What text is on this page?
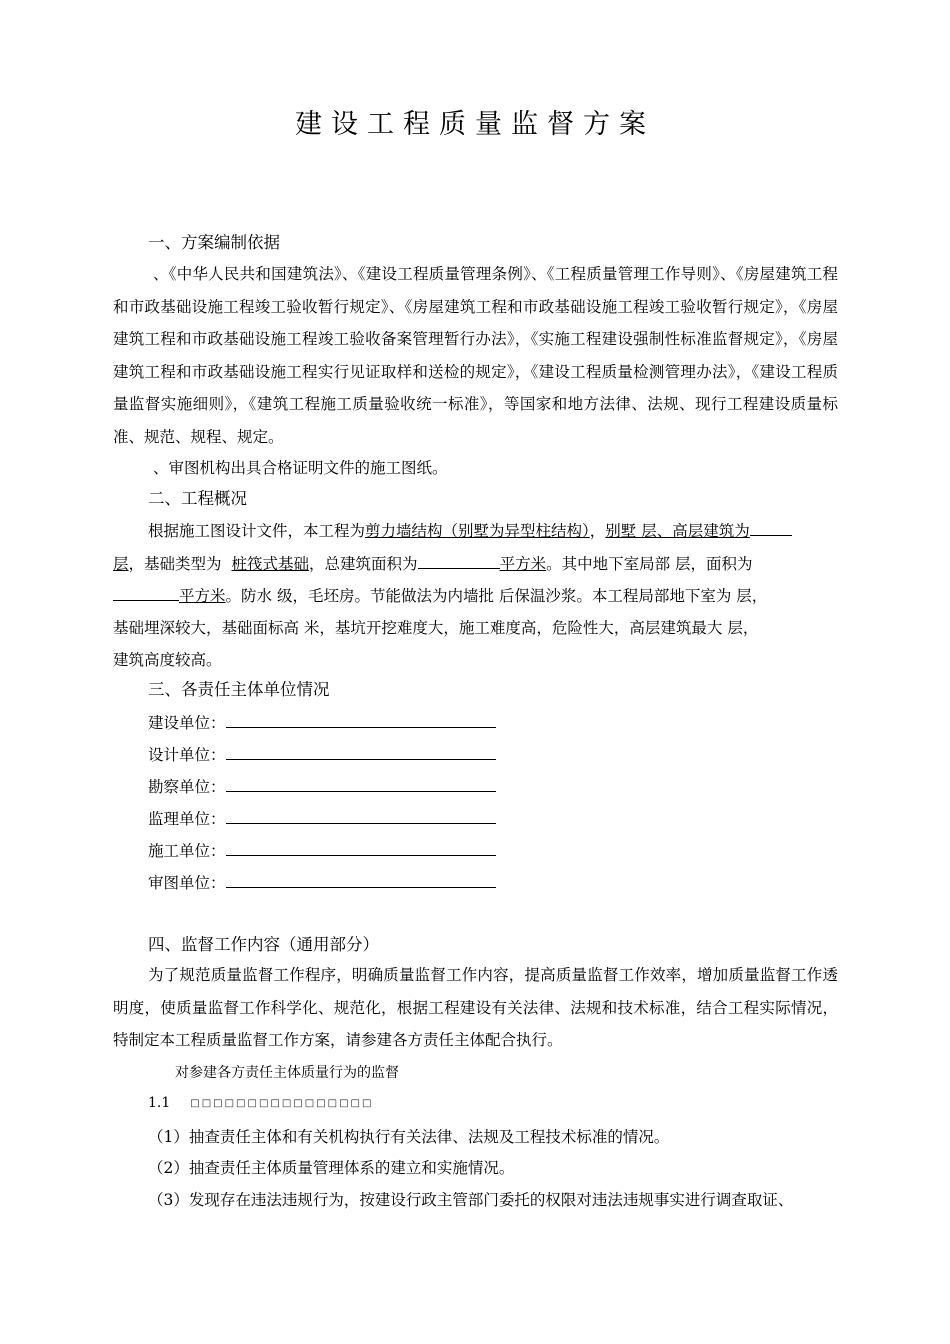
建设工程质量监督方案
一、方案编制依据
、《中华人民共和国建筑法》、《建设工程质量管理条例》、《工程质量管理工作导则》、《房屋建筑工程和市政基础设施工程竣工验收暂行规定》、《房屋建筑工程和市政基础设施工程竣工验收暂行规定》，《房屋建筑工程和市政基础设施工程竣工验收备案管理暂行办法》，《实施工程建设强制性标准监督规定》，《房屋建筑工程和市政基础设施工程实行见证取样和送检的规定》，《建设工程质量检测管理办法》，《建设工程质量监督实施细则》，《建筑工程施工质量验收统一标准》，等国家和地方法律、法规、现行工程建设质量标准、规范、规程、规定。
、审图机构出具合格证明文件的施工图纸。
二、工程概况
根据施工图设计文件，本工程为剪力墙结构（别墅为异型柱结构），别墅 层、高层建筑为
层，基础类型为 桩筏式基础，总建筑面积为	平方米。其中地下室局部 层，面积为
平方米。防水 级，毛坯房。节能做法为内墙批 后保温沙浆。本工程局部地下室为 层，
基础埋深较大，基础面标高 米，基坑开挖难度大，施工难度高，危险性大，高层建筑最大 层，
建筑高度较高。
三、各责任主体单位情况
建设单位：
设计单位：
勘察单位：
监理单位：
施工单位：
审图单位：
四、监督工作内容（通用部分）
为了规范质量监督工作程序，明确质量监督工作内容，提高质量监督工作效率，增加质量监督工作透明度，使质量监督工作科学化、规范化，根据工程建设有关法律、法规和技术标准，结合工程实际情况，特制定本工程质量监督工作方案，请参建各方责任主体配合执行。
对参建各方责任主体质量行为的监督
1.1 □□□□□□□□□□□□□□□□
（1）抽查责任主体和有关机构执行有关法律、法规及工程技术标准的情况。
（2）抽查责任主体质量管理体系的建立和实施情况。
（3）发现存在违法违规行为，按建设行政主管部门委托的权限对违法违规事实进行调查取证、
